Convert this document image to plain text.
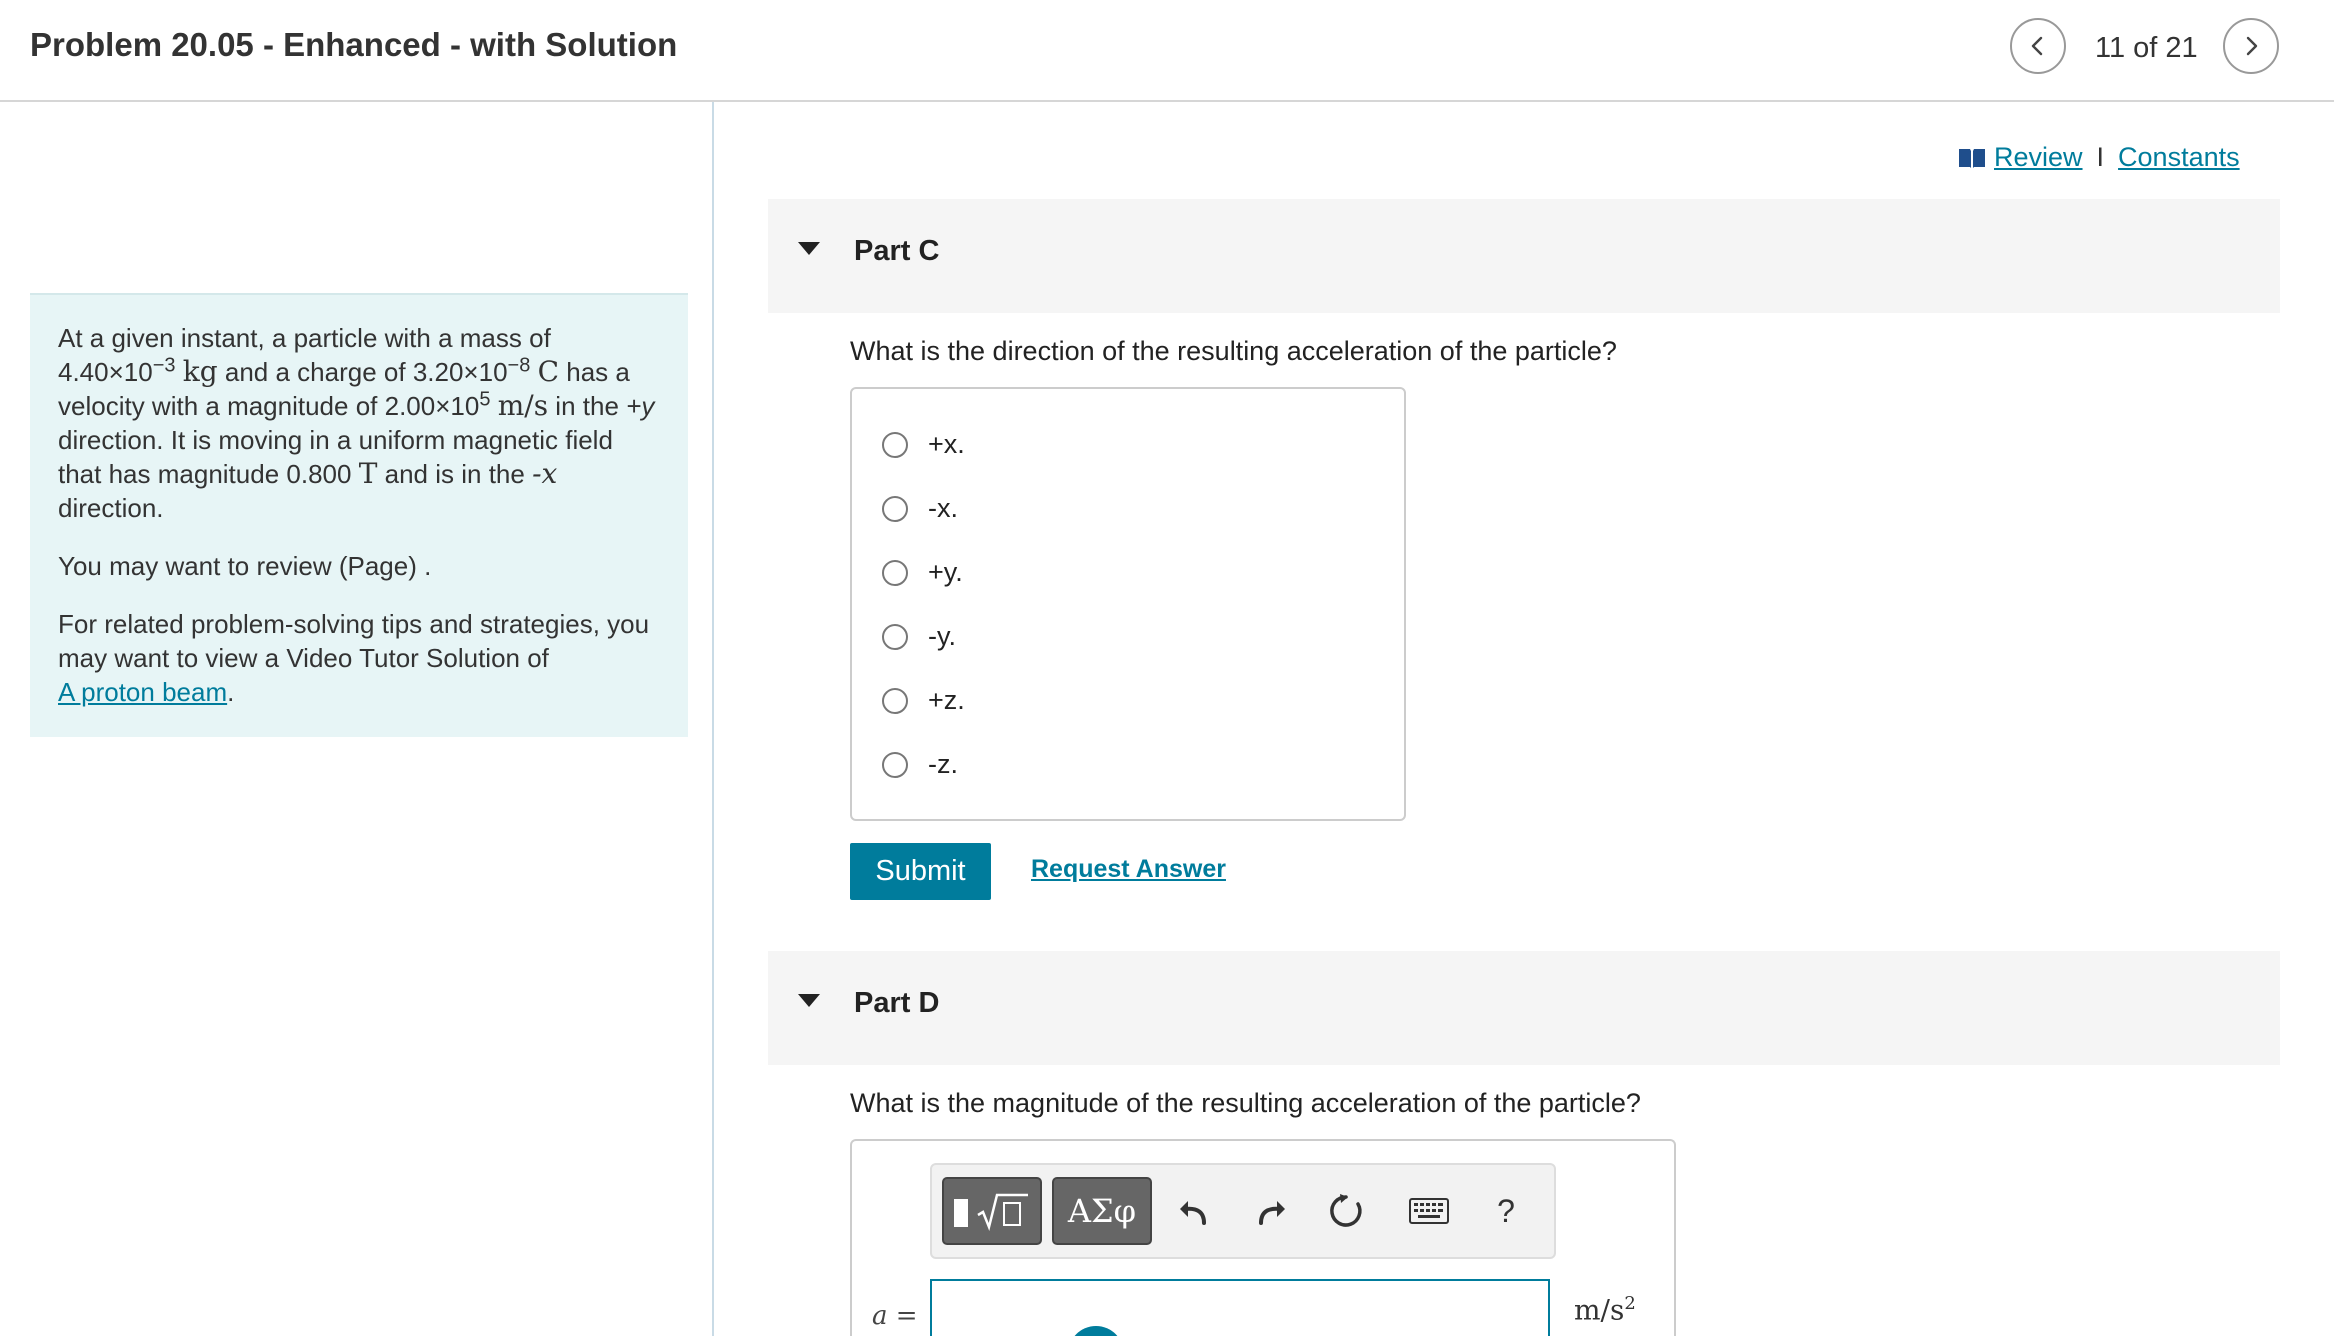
Problem 20.05 - Enhanced - with Solution	11 of 21

At a given instant, a particle with a mass of $4.40\times 10^{-3}$ kg and a charge of $3.20\times 10^{-8}$ C has a velocity with a magnitude of $2.00\times 10^5$ m/s in the +y direction. It is moving in a uniform magnetic field that has magnitude 0.800 T and is in the -x direction.

You may want to review (Page) .

For related problem-solving tips and strategies, you may want to view a Video Tutor Solution of
A proton beam.

Review I Constants
Part C
What is the direction of the resulting acceleration of the particle?
+x.
-x.
+y.
-y.
+z.
-z.
Submit	Request Answer
Part D
What is the magnitude of the resulting acceleration of the particle?
ΑΣφ	?
a =	$m/s^2$
